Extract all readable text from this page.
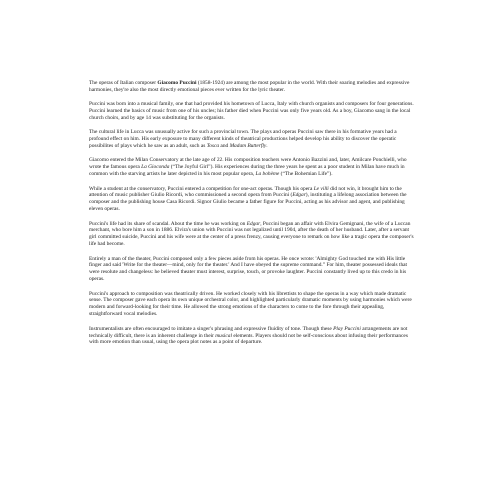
The operas of Italian composer Giacomo Puccini (1858-1924) are among the most popular in the world. With their soaring melodies and expressive harmonies, they're also the most directly emotional pieces ever written for the lyric theater.

Puccini was born into a musical family, one that had provided his hometown of Lucca, Italy with church organists and composers for four generations. Puccini learned the basics of music from one of his uncles; his father died when Puccini was only five years old. As a boy, Giacomo sang in the local church choirs, and by age 14 was substituting for the organists.

The cultural life in Lucca was unusually active for such a provincial town. The plays and operas Puccini saw there in his formative years had a profound effect on him. His early exposure to many different kinds of theatrical productions helped develop his ability to discover the operatic possibilites of plays which he saw as an adult, such as Tosca and Madam Butterfly.

Giacomo entered the Milan Conservatory at the late age of 22. His composition teachers were Antonio Bazzini and, later, Amilcare Ponchielli, who wrote the famous opera La Gioconda (“The Joyful Girl”). His experiences during the three years he spent as a poor student in Milan have much in common with the starving artists he later depicted in his most popular opera, La bohème (“The Bohemian Life”).

While a student at the conservatory, Puccini entered a competition for one-act operas. Though his opera Le villi did not win, it brought him to the attention of music publisher Giulio Ricordi, who commissioned a second opera from Puccini (Edgar), instituting a lifelong association between the composer and the publishing house Casa Ricordi. Signor Giulio became a father figure for Puccini, acting as his advisor and agent, and publishing eleven operas.

Puccini's life had its share of scandal. About the time he was working on Edgar, Puccini began an affair with Elvira Gemignani, the wife of a Luccan merchant, who bore him a son in 1886. Elvira's union with Puccini was not legalized until 1904, after the death of her husband. Later, after a servant girl committed suicide, Puccini and his wife were at the center of a press frenzy, causing everyone to remark on how like a tragic opera the composer's life had become.

Entirely a man of the theater, Puccini composed only a few pieces aside from his operas. He once wrote: 'Almighty God touched me with His little finger and said 'Write for the theater—mind, only for the theater.' And I have obeyed the supreme command.” For him, theater possessed ideals that were resolute and changeless: he believed theater must interest, surprise, touch, or provoke laughter. Puccini constantly lived up to this credo in his operas.

Puccini's approach to composition was theatrically driven. He worked closely with his librettists to shape the operas in a way which made dramatic sense. The composer gave each opera its own unique orchestral color, and highlighted particularly dramatic moments by using harmonies which were modern and forward-looking for their time. He allowed the strong emotions of the characters to come to the fore through their appealing, straightforward vocal melodies.

Instrumentalists are often encouraged to imitate a singer's phrasing and expressive fluidity of tone. Though these Play Puccini arrangements are not technically difficult, there is an inherent challenge in their musical elements. Players should not be self-conscious about infusing their performances with more emotion than usual, using the opera plot notes as a point of departure.
